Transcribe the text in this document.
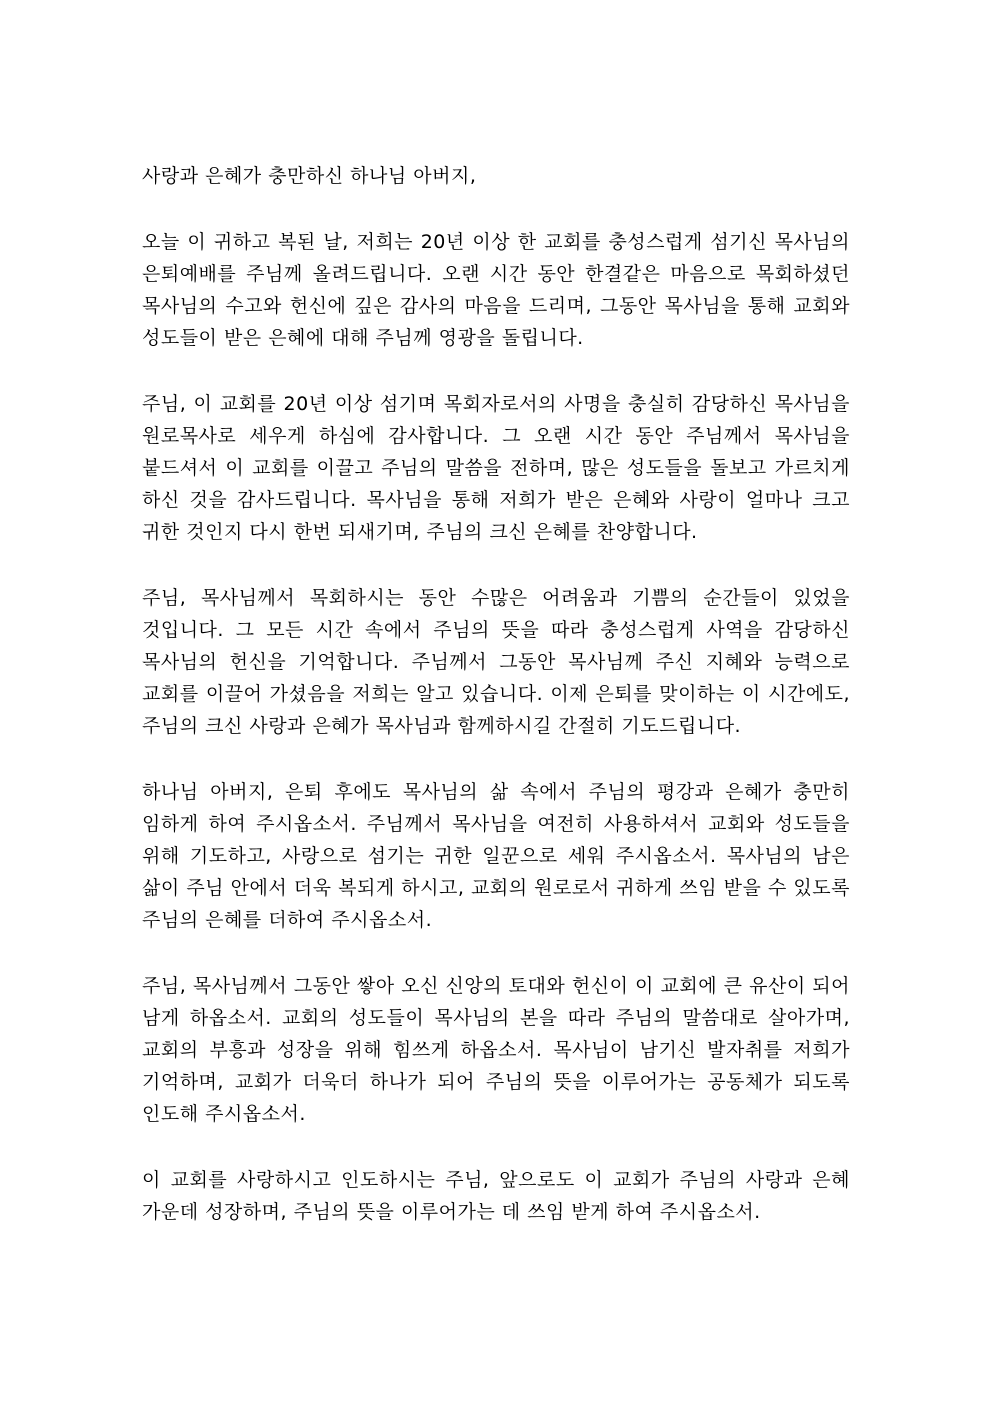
사랑과 은혜가 충만하신 하나님 아버지,

오늘 이 귀하고 복된 날, 저희는 20년 이상 한 교회를 충성스럽게 섬기신 목사님의 은퇴예배를 주님께 올려드립니다. 오랜 시간 동안 한결같은 마음으로 목회하셨던 목사님의 수고와 헌신에 깊은 감사의 마음을 드리며, 그동안 목사님을 통해 교회와 성도들이 받은 은혜에 대해 주님께 영광을 돌립니다.

주님, 이 교회를 20년 이상 섬기며 목회자로서의 사명을 충실히 감당하신 목사님을 원로목사로 세우게 하심에 감사합니다. 그 오랜 시간 동안 주님께서 목사님을 붙드셔서 이 교회를 이끌고 주님의 말씀을 전하며, 많은 성도들을 돌보고 가르치게 하신 것을 감사드립니다. 목사님을 통해 저희가 받은 은혜와 사랑이 얼마나 크고 귀한 것인지 다시 한번 되새기며, 주님의 크신 은혜를 찬양합니다.

주님, 목사님께서 목회하시는 동안 수많은 어려움과 기쁨의 순간들이 있었을 것입니다. 그 모든 시간 속에서 주님의 뜻을 따라 충성스럽게 사역을 감당하신 목사님의 헌신을 기억합니다. 주님께서 그동안 목사님께 주신 지혜와 능력으로 교회를 이끌어 가셨음을 저희는 알고 있습니다. 이제 은퇴를 맞이하는 이 시간에도, 주님의 크신 사랑과 은혜가 목사님과 함께하시길 간절히 기도드립니다.

하나님 아버지, 은퇴 후에도 목사님의 삶 속에서 주님의 평강과 은혜가 충만히 임하게 하여 주시옵소서. 주님께서 목사님을 여전히 사용하셔서 교회와 성도들을 위해 기도하고, 사랑으로 섬기는 귀한 일꾼으로 세워 주시옵소서. 목사님의 남은 삶이 주님 안에서 더욱 복되게 하시고, 교회의 원로로서 귀하게 쓰임 받을 수 있도록 주님의 은혜를 더하여 주시옵소서.

주님, 목사님께서 그동안 쌓아 오신 신앙의 토대와 헌신이 이 교회에 큰 유산이 되어 남게 하옵소서. 교회의 성도들이 목사님의 본을 따라 주님의 말씀대로 살아가며, 교회의 부흥과 성장을 위해 힘쓰게 하옵소서. 목사님이 남기신 발자취를 저희가 기억하며, 교회가 더욱더 하나가 되어 주님의 뜻을 이루어가는 공동체가 되도록 인도해 주시옵소서.

이 교회를 사랑하시고 인도하시는 주님, 앞으로도 이 교회가 주님의 사랑과 은혜 가운데 성장하며, 주님의 뜻을 이루어가는 데 쓰임 받게 하여 주시옵소서.
